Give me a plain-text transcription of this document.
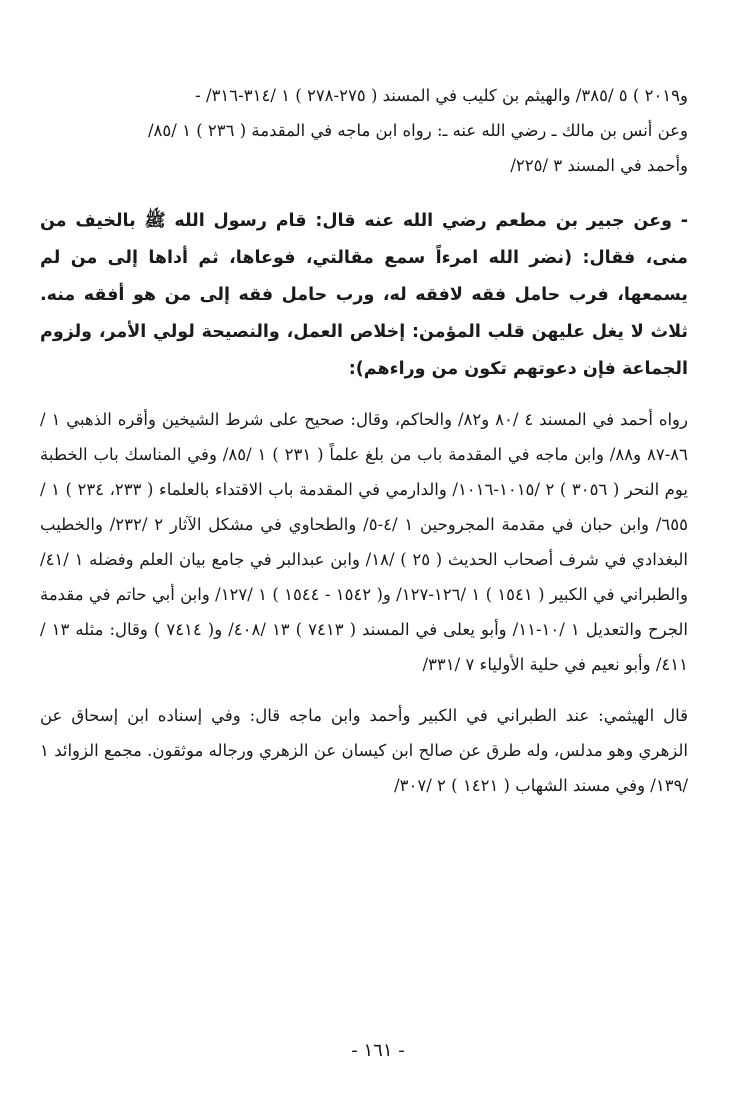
و٢٠١٩ ) ٥ /٣٨٥/ والهيثم بن كليب في المسند ( ٢٧٥-٢٧٨ ) ١ /٣١٤-٣١٦/ -
وعن أنس بن مالك ـ رضي الله عنه ـ: رواه ابن ماجه في المقدمة ( ٢٣٦ ) ١ /٨٥/
وأحمد في المسند ٣ /٢٢٥/
- وعن جبير بن مطعم رضي الله عنه قال: قام رسول الله ﷺ بالخيف من منى، فقال: (نضر الله امرءاً سمع مقالتي، فوعاها، ثم أداها إلى من لم يسمعها، فرب حامل فقه لافقه له، ورب حامل فقه إلى من هو أفقه منه. ثلاث لا يغل عليهن قلب المؤمن: إخلاص العمل، والنصيحة لولي الأمر، ولزوم الجماعة فإن دعوتهم تكون من وراءهم):
رواه أحمد في المسند ٤ /٨٠ و٨٢/ والحاكم، وقال: صحيح على شرط الشيخين وأقره الذهبي ١ /٨٦-٨٧ و٨٨/ وابن ماجه في المقدمة باب من بلغ علماً ( ٢٣١ ) ١ /٨٥/ وفي المناسك باب الخطبة يوم النحر ( ٣٠٥٦ ) ٢ /١٠١٥-١٠١٦/ والدارمي في المقدمة باب الاقتداء بالعلماء ( ٢٣٣، ٢٣٤ ) ١ /٦٥٥/ وابن حبان في مقدمة المجروحين ١ /٤-٥/ والطحاوي في مشكل الآثار ٢ /٢٣٢/ والخطيب البغدادي في شرف أصحاب الحديث ( ٢٥ ) /١٨/ وابن عبدالبر في جامع بيان العلم وفضله ١ /٤١/ والطبراني في الكبير ( ١٥٤١ ) ١ /١٢٦-١٢٧/ و( ١٥٤٢ - ١٥٤٤ ) ١ /١٢٧/ وابن أبي حاتم في مقدمة الجرح والتعديل ١ /١٠-١١/ وأبو يعلى في المسند ( ٧٤١٣ ) ١٣ /٤٠٨/ و( ٧٤١٤ ) وقال: مثله ١٣ /٤١١/ وأبو نعيم في حلية الأولياء ٧ /٣٣١/
قال الهيثمي: عند الطبراني في الكبير وأحمد وابن ماجه قال: وفي إسناده ابن إسحاق عن الزهري وهو مدلس، وله طرق عن صالح ابن كيسان عن الزهري ورجاله موثقون. مجمع الزوائد ١ /١٣٩/ وفي مسند الشهاب ( ١٤٢١ ) ٢ /٣٠٧/
- ١٦١ -
